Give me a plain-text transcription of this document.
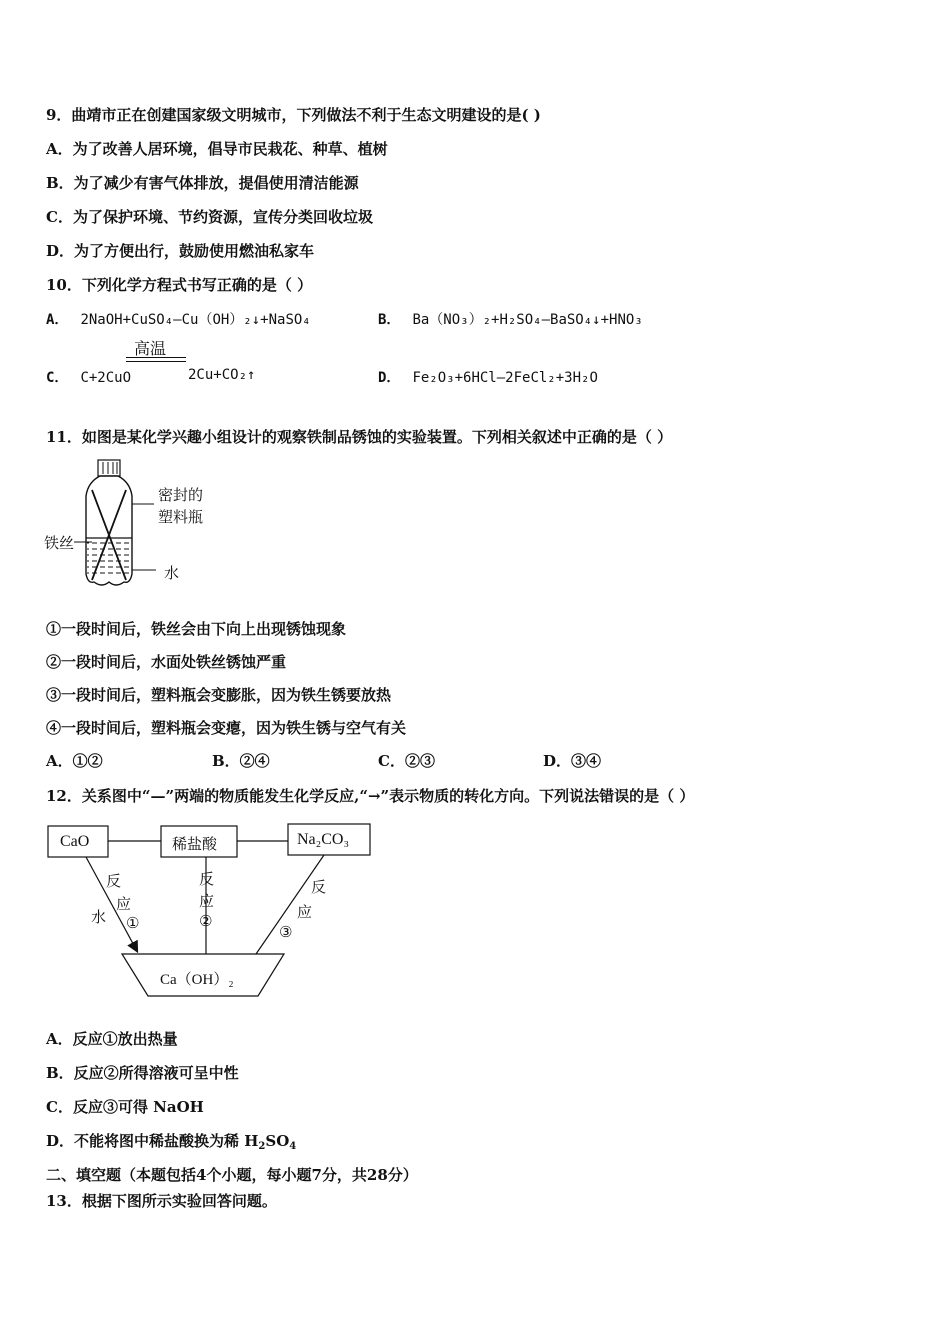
9．曲靖市正在创建国家级文明城市，下列做法不利于生态文明建设的是( )
A．为了改善人居环境，倡导市民栽花、种草、植树
B．为了减少有害气体排放，提倡使用清洁能源
C．为了保护环境、节约资源，宣传分类回收垃圾
D．为了方便出行，鼓励使用燃油私家车
10．下列化学方程式书写正确的是（ ）
A． 2NaOH+CuSO₄—Cu（OH）₂↓+NaSO₄	B． Ba（NO₃）₂+H₂SO₄—BaSO₄↓+HNO₃
C． C+2CuO
高温
2Cu+CO₂↑	D． Fe₂O₃+6HCl—2FeCl₂+3H₂O
11．如图是某化学兴趣小组设计的观察铁制品锈蚀的实验装置。下列相关叙述中正确的是（ ）
密封的
塑料瓶
铁丝
水
①一段时间后，铁丝会由下向上出现锈蚀现象
②一段时间后，水面处铁丝锈蚀严重
③一段时间后，塑料瓶会变膨胀，因为铁生锈要放热
④一段时间后，塑料瓶会变瘪，因为铁生锈与空气有关
A．①②	B．②④	C．②③	D．③④
12．关系图中“—”两端的物质能发生化学反应,“→”表示物质的转化方向。下列说法错误的是（ ）
CaO	稀盐酸	Na₂CO₃
Ca（OH）₂
反
应
①
水
反
应
②
反
应
③
A．反应①放出热量
B．反应②所得溶液可呈中性
C．反应③可得 NaOH
D．不能将图中稀盐酸换为稀 $H_2SO_4$
二、填空题（本题包括4个小题，每小题7分，共28分）
13．根据下图所示实验回答问题。
